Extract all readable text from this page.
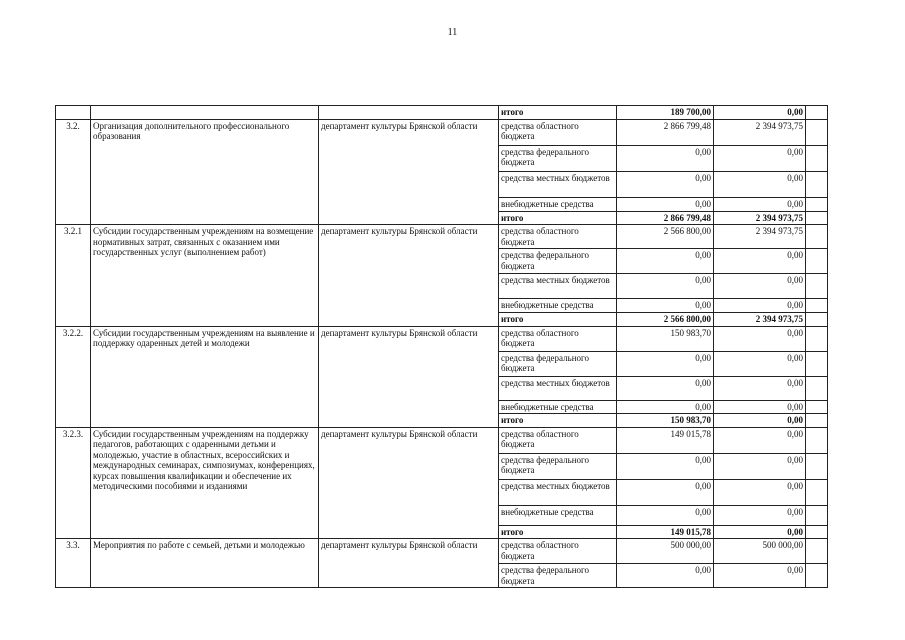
11
			итого	189 700,00	0,00	
3.2.	Организация дополнительного профессионального образования	департамент культуры Брянской области	средства областного бюджета	2 866 799,48	2 394 973,75	
			средства федерального бюджета	0,00	0,00	
			средства местных бюджетов	0,00	0,00	
			внебюджетные средства	0,00	0,00	
			итого	2 866 799,48	2 394 973,75	
3.2.1	Субсидии государственным учреждениям на возмещение нормативных затрат, связанных с оказанием ими государственных услуг (выполнением работ)	департамент культуры Брянской области	средства областного бюджета	2 566 800,00	2 394 973,75	
			средства федерального бюджета	0,00	0,00	
			средства местных бюджетов	0,00	0,00	
			внебюджетные средства	0,00	0,00	
			итого	2 566 800,00	2 394 973,75	
3.2.2.	Субсидии государственным учреждениям на выявление и поддержку одаренных детей и молодежи	департамент культуры Брянской области	средства областного бюджета	150 983,70	0,00	
			средства федерального бюджета	0,00	0,00	
			средства местных бюджетов	0,00	0,00	
			внебюджетные средства	0,00	0,00	
			итого	150 983,70	0,00	
3.2.3.	Субсидии государственным учреждениям на поддержку педагогов, работающих с одаренными детьми и молодежью, участие в областных, всероссийских и международных семинарах, симпозиумах, конференциях, курсах повышения квалификации и обеспечение их методическими пособиями и изданиями	департамент культуры Брянской области	средства областного бюджета	149 015,78	0,00	
			средства федерального бюджета	0,00	0,00	
			средства местных бюджетов	0,00	0,00	
			внебюджетные средства	0,00	0,00	
			итого	149 015,78	0,00	
3.3.	Мероприятия по работе с семьей, детьми и молодежью	департамент культуры Брянской области	средства областного бюджета	500 000,00	500 000,00	
			средства федерального бюджета	0,00	0,00	
